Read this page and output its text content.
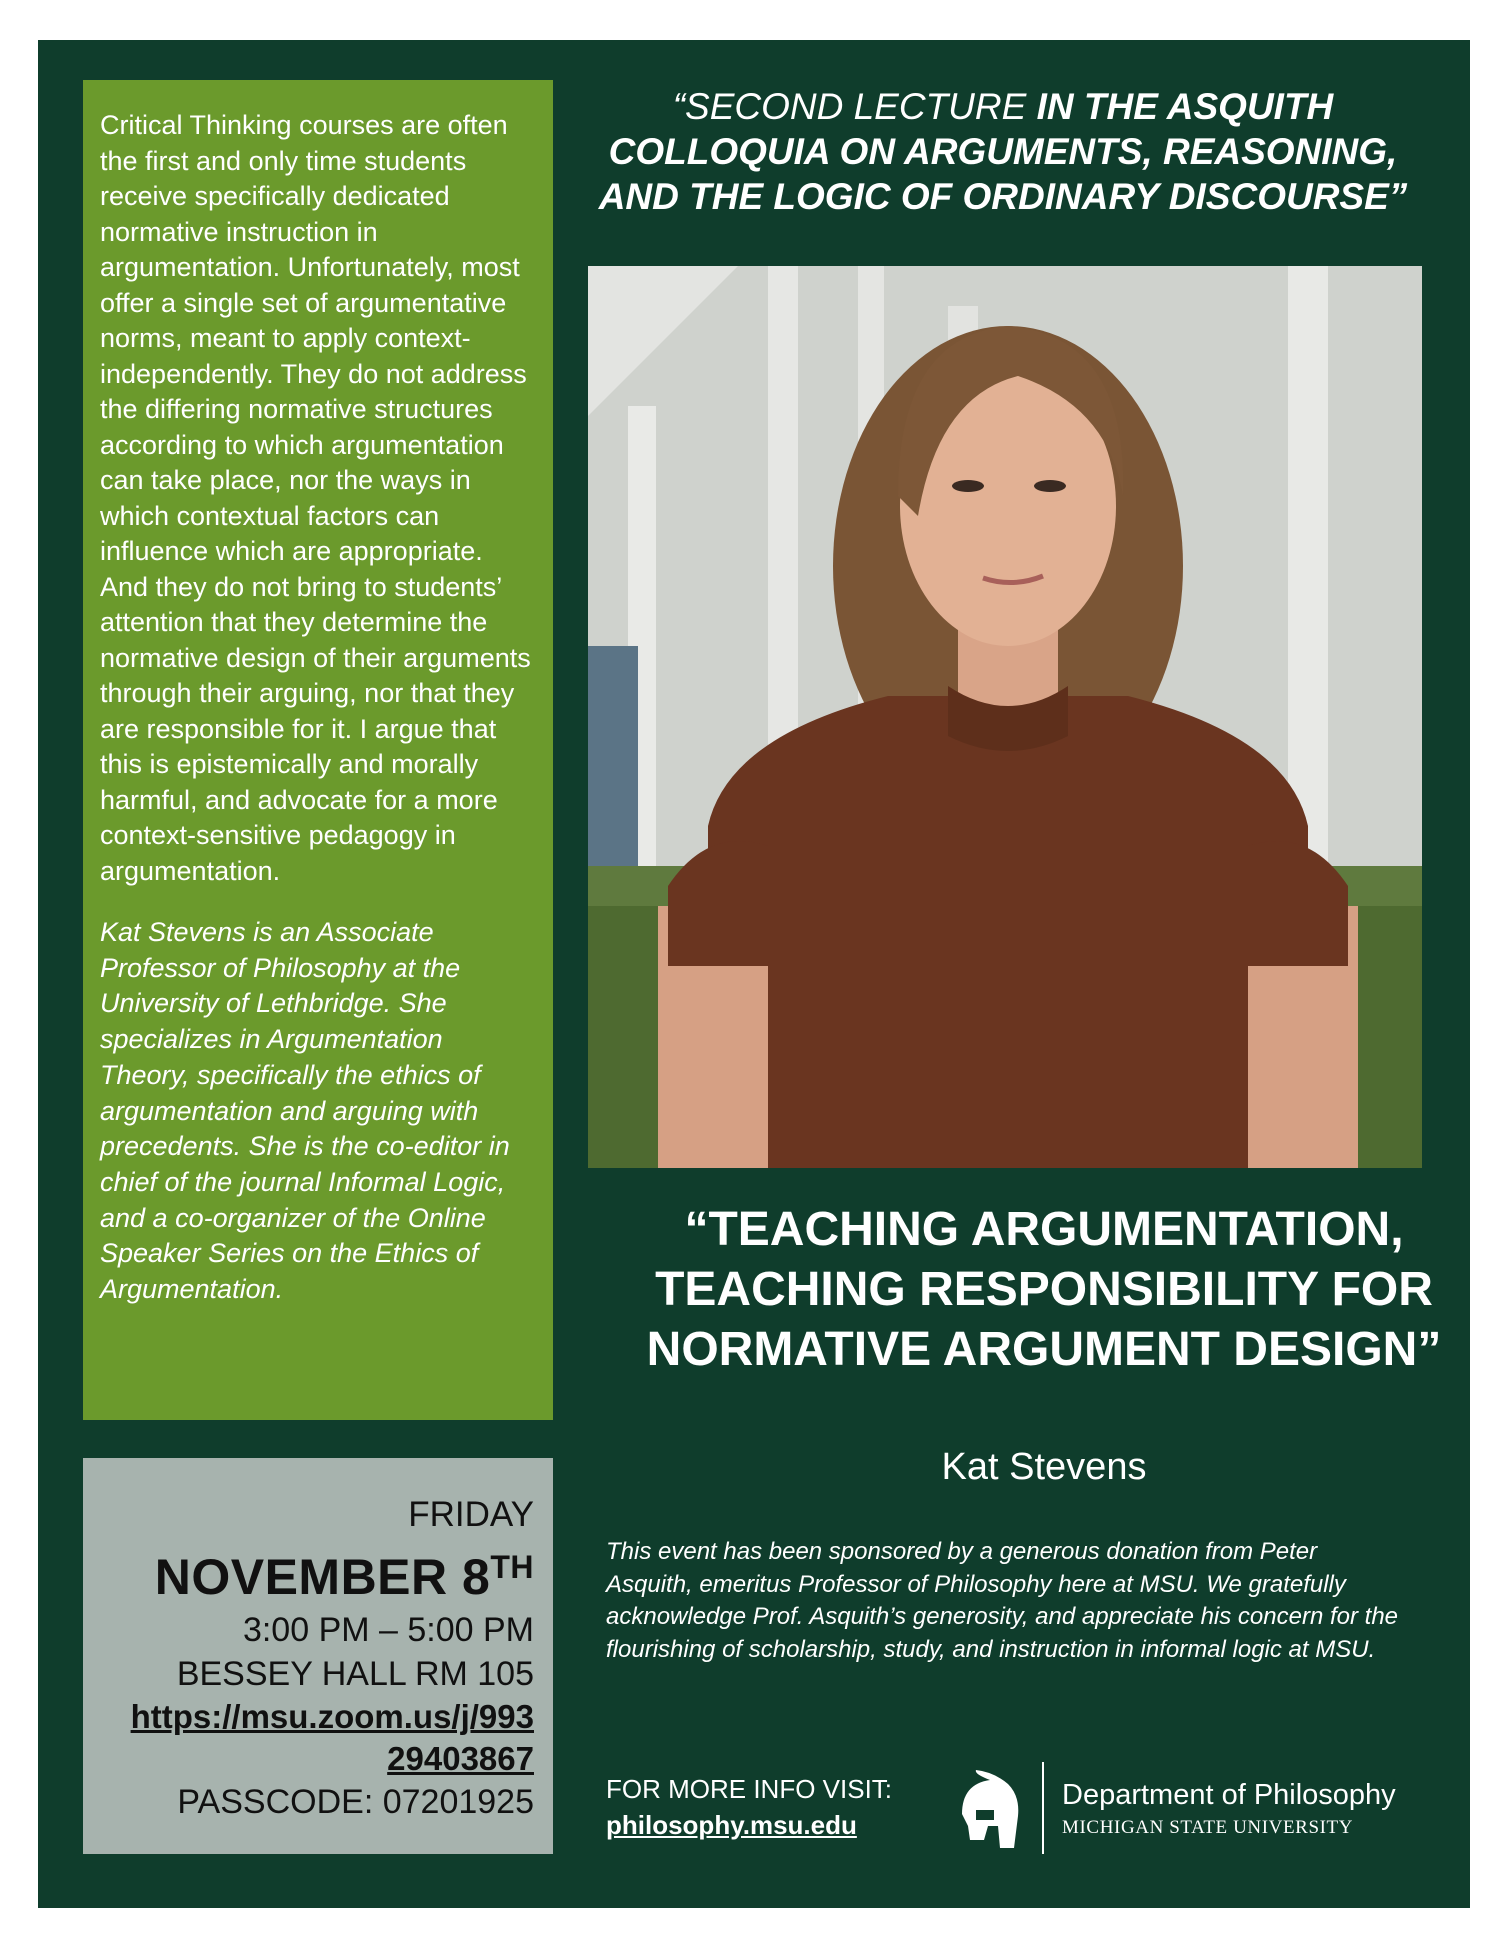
Critical Thinking courses are often the first and only time students receive specifically dedicated normative instruction in argumentation. Unfortunately, most offer a single set of argumentative norms, meant to apply context-independently. They do not address the differing normative structures according to which argumentation can take place, nor the ways in which contextual factors can influence which are appropriate. And they do not bring to students’ attention that they determine the normative design of their arguments through their arguing, nor that they are responsible for it. I argue that this is epistemically and morally harmful, and advocate for a more context-sensitive pedagogy in argumentation.

Kat Stevens is an Associate Professor of Philosophy at the University of Lethbridge. She specializes in Argumentation Theory, specifically the ethics of argumentation and arguing with precedents. She is the co-editor in chief of the journal Informal Logic, and a co-organizer of the Online Speaker Series on the Ethics of Argumentation.

FRIDAY
NOVEMBER 8TH
3:00 PM – 5:00 PM
BESSEY HALL RM 105
https://msu.zoom.us/j/993
29403867
PASSCODE: 07201925

“SECOND LECTURE IN THE ASQUITH COLLOQUIA ON ARGUMENTS, REASONING, AND THE LOGIC OF ORDINARY DISCOURSE”

“TEACHING ARGUMENTATION, TEACHING RESPONSIBILITY FOR NORMATIVE ARGUMENT DESIGN”

Kat Stevens

This event has been sponsored by a generous donation from Peter Asquith, emeritus Professor of Philosophy here at MSU. We gratefully acknowledge Prof. Asquith’s generosity, and appreciate his concern for the flourishing of scholarship, study, and instruction in informal logic at MSU.

FOR MORE INFO VISIT:
philosophy.msu.edu
Department of Philosophy
MICHIGAN STATE UNIVERSITY
